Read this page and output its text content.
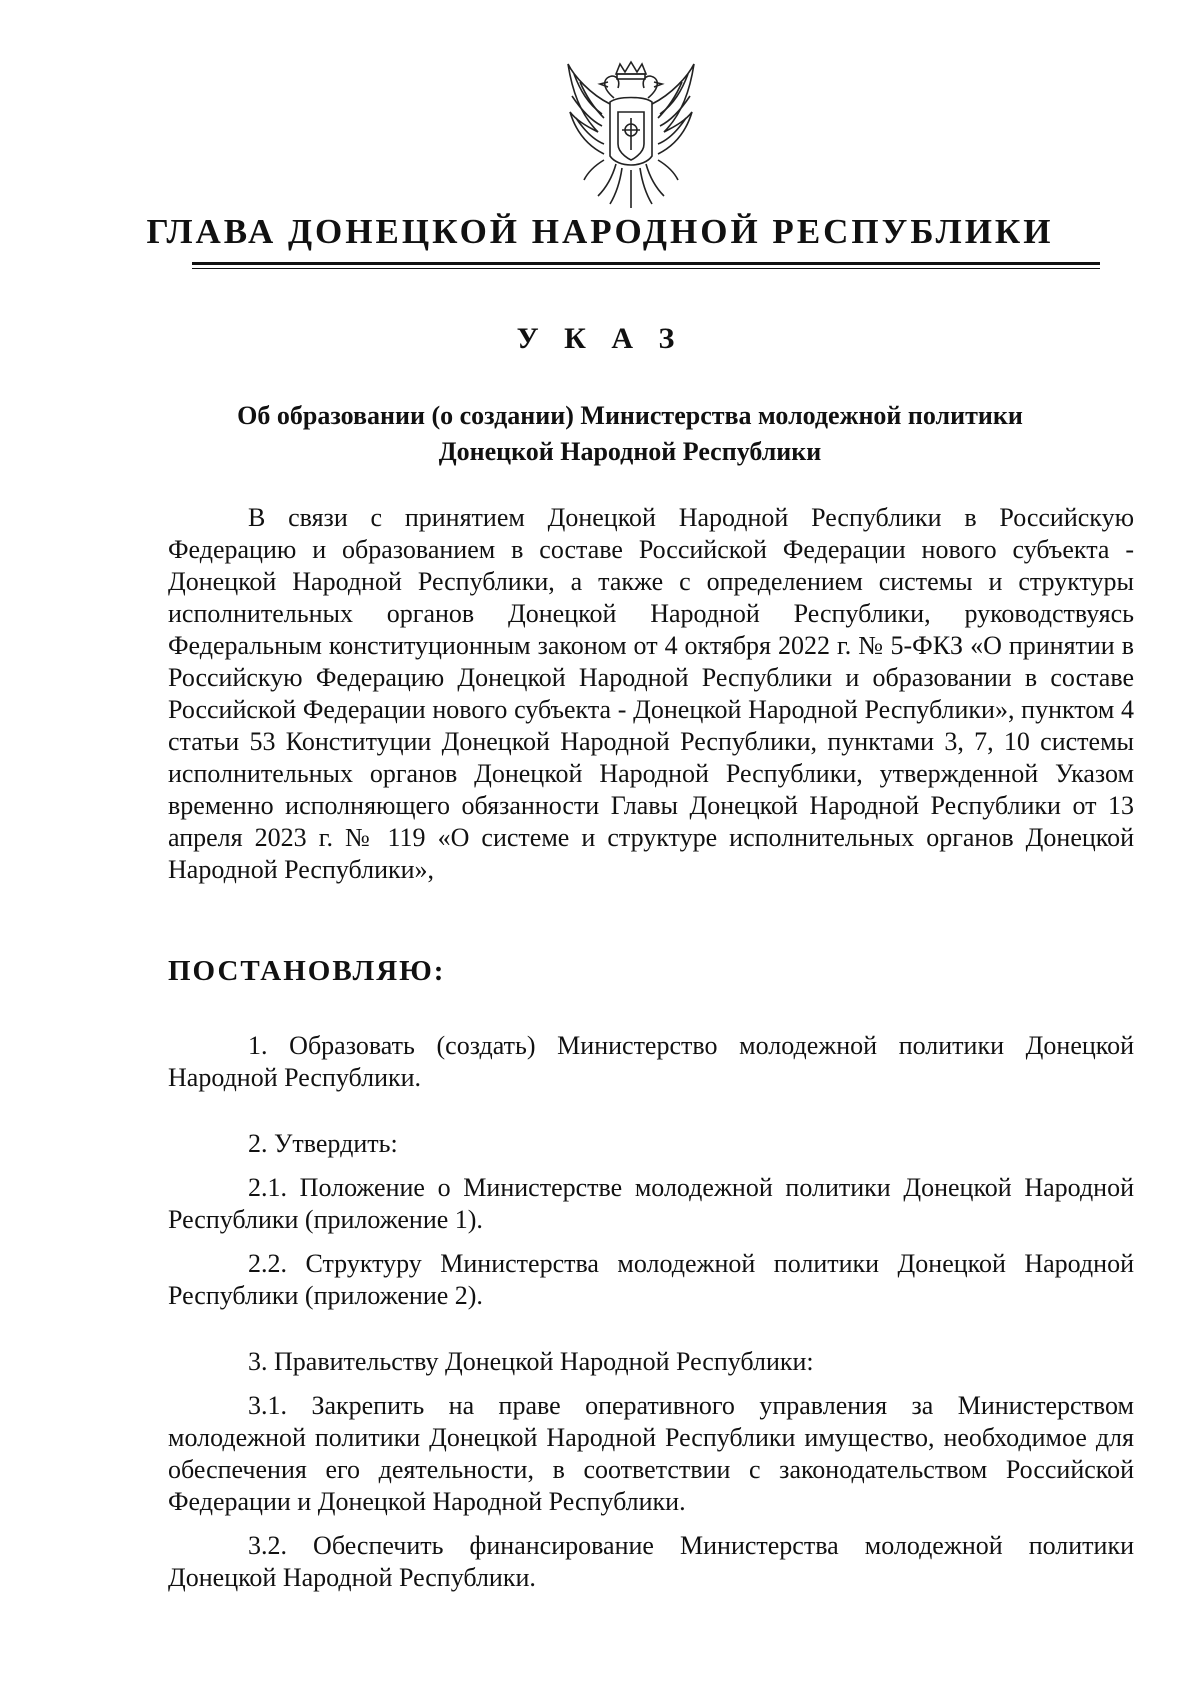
ГЛАВА ДОНЕЦКОЙ НАРОДНОЙ РЕСПУБЛИКИ
У К А З
Об образовании (о создании) Министерства молодежной политики
Донецкой Народной Республики

В связи с принятием Донецкой Народной Республики в Российскую Федерацию и образованием в составе Российской Федерации нового субъекта - Донецкой Народной Республики, а также с определением системы и структуры исполнительных органов Донецкой Народной Республики, руководствуясь Федеральным конституционным законом от 4 октября 2022 г. № 5-ФКЗ «О принятии в Российскую Федерацию Донецкой Народной Республики и образовании в составе Российской Федерации нового субъекта - Донецкой Народной Республики», пунктом 4 статьи 53 Конституции Донецкой Народной Республики, пунктами 3, 7, 10 системы исполнительных органов Донецкой Народной Республики, утвержденной Указом временно исполняющего обязанности Главы Донецкой Народной Республики от 13 апреля 2023 г. № 119 «О системе и структуре исполнительных органов Донецкой Народной Республики»,

ПОСТАНОВЛЯЮ:

1. Образовать (создать) Министерство молодежной политики Донецкой Народной Республики.

2. Утвердить:

2.1. Положение о Министерстве молодежной политики Донецкой Народной Республики (приложение 1).

2.2. Структуру Министерства молодежной политики Донецкой Народной Республики (приложение 2).

3. Правительству Донецкой Народной Республики:

3.1. Закрепить на праве оперативного управления за Министерством молодежной политики Донецкой Народной Республики имущество, необходимое для обеспечения его деятельности, в соответствии с законодательством Российской Федерации и Донецкой Народной Республики.

3.2. Обеспечить финансирование Министерства молодежной политики Донецкой Народной Республики.
